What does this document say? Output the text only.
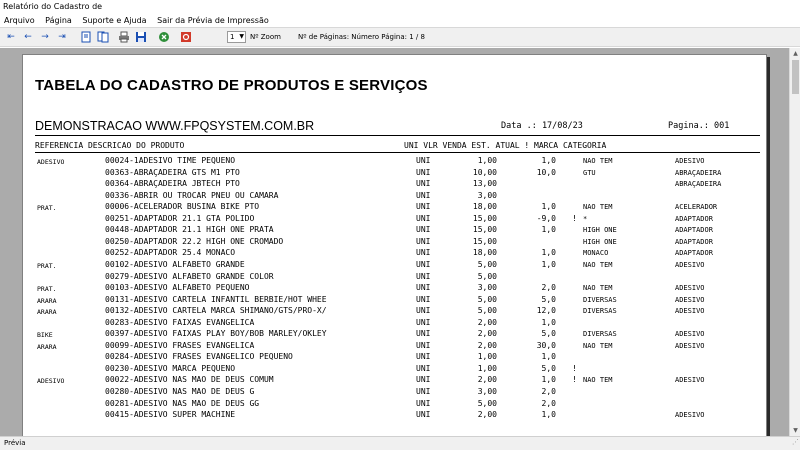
Relatório do Cadastro de
Arquivo Página Suporte e Ajuda Sair da Prévia de Impressão
⇤ ← → ⇥	1 ▼ Nº Zoom Nº de Páginas: Número Página: 1 / 8
TABELA DO CADASTRO DE PRODUTOS E SERVIÇOS
DEMONSTRACAO WWW.FPQSYSTEM.COM.BR	Data .: 17/08/23	Pagina.: 001
REFERENCIA DESCRICAO DO PRODUTO	UNI VLR VENDA EST. ATUAL ! MARCA CATEGORIA
ADESIVO	00024-1ADESIVO TIME PEQUENO	UNI	1,00	1,0	NAO TEM	ADESIVO
00363-ABRAÇADEIRA GTS M1 PTO	UNI	10,00	10,0	GTU	ABRAÇADEIRA
00364-ABRAÇADEIRA JBTECH PTO	UNI	13,00	ABRAÇADEIRA
00336-ABRIR OU TROCAR PNEU OU CAMARA	UNI	3,00
PRAT.	00006-ACELERADOR BUSINA BIKE PTO	UNI	18,00	1,0	NAO TEM	ACELERADOR
00251-ADAPTADOR 21.1 GTA POLIDO	UNI	15,00	-9,0 ! *	ADAPTADOR
00448-ADAPTADOR 21.1 HIGH ONE PRATA	UNI	15,00	1,0	HIGH ONE	ADAPTADOR
00250-ADAPTADOR 22.2 HIGH ONE CROMADO	UNI	15,00	HIGH ONE	ADAPTADOR
00252-ADAPTADOR 25.4 MONACO	UNI	18,00	1,0	MONACO	ADAPTADOR
PRAT.	00102-ADESIVO ALFABETO GRANDE	UNI	5,00	1,0	NAO TEM	ADESIVO
00279-ADESIVO ALFABETO GRANDE COLOR	UNI	5,00
PRAT.	00103-ADESIVO ALFABETO PEQUENO	UNI	3,00	2,0	NAO TEM	ADESIVO
ARARA	00131-ADESIVO CARTELA INFANTIL BERBIE/HOT WHEE	UNI	5,00	5,0	DIVERSAS	ADESIVO
ARARA	00132-ADESIVO CARTELA MARCA SHIMANO/GTS/PRO-X/	UNI	5,00	12,0	DIVERSAS	ADESIVO
00283-ADESIVO FAIXAS EVANGELICA	UNI	2,00	1,0
BIKE	00397-ADESIVO FAIXAS PLAY BOY/BOB MARLEY/OKLEY	UNI	2,00	5,0	DIVERSAS	ADESIVO
ARARA	00099-ADESIVO FRASES EVANGELICA	UNI	2,00	30,0	NAO TEM	ADESIVO
00284-ADESIVO FRASES EVANGELICO PEQUENO	UNI	1,00	1,0
00230-ADESIVO MARCA PEQUENO	UNI	1,00	5,0 !
ADESIVO	00022-ADESIVO NAS MAO DE DEUS COMUM	UNI	2,00	1,0 ! NAO TEM	ADESIVO
00280-ADESIVO NAS MAO DE DEUS G	UNI	3,00	2,0
00281-ADESIVO NAS MAO DE DEUS GG	UNI	5,00	2,0
00415-ADESIVO SUPER MACHINE	UNI	2,00	1,0	ADESIVO
▲
▼
Prévia	⋰
